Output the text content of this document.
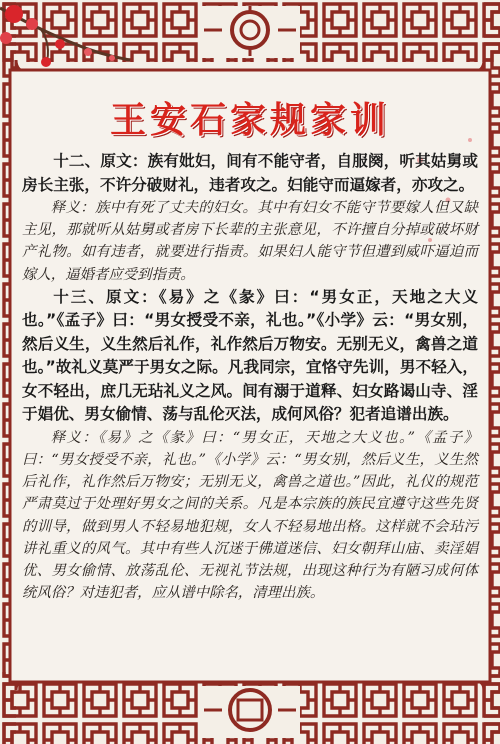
王安石家规家训

十二、原文：族有妣妇，间有不能守者，自服阕，听其姑舅或房长主张，不许分破财礼，违者攻之。妇能守而逼嫁者，亦攻之。

释义：族中有死了丈夫的妇女。其中有妇女不能守节要嫁人但又缺主见，那就听从姑舅或者房下长辈的主张意见，不许擅自分掉或破坏财产礼物。如有违者，就要进行指责。如果妇人能守节但遭到威吓逼迫而嫁人，逼婚者应受到指责。

十三、原文：《易》之《彖》曰：“男女正，天地之大义也。”《孟子》曰：“男女授受不亲，礼也。”《小学》云：“男女别，然后义生，义生然后礼作，礼作然后万物安。无别无义，禽兽之道也。”故礼义莫严于男女之际。凡我同宗，宜恪守先训，男不轻入，女不轻出，庶几无玷礼义之风。间有溺于道释、妇女路谒山寺、淫于娼优、男女偷情、荡与乱伦灭法，成何风俗？犯者追谱出族。

释义：《易》之《彖》曰：“男女正，天地之大义也。”《孟子》曰：“男女授受不亲，礼也。”《小学》云：“男女别，然后义生，义生然后礼作，礼作然后万物安；无别无义，禽兽之道也。”因此，礼仪的规范严肃莫过于处理好男女之间的关系。凡是本宗族的族民宜遵守这些先贤的训导，做到男人不轻易地犯规，女人不轻易地出格。这样就不会玷污讲礼重义的风气。其中有些人沉迷于佛道迷信、妇女朝拜山庙、卖淫娼优、男女偷情、放荡乱伦、无视礼节法规，出现这种行为有陋习成何体统风俗？对违犯者，应从谱中除名，清理出族。
